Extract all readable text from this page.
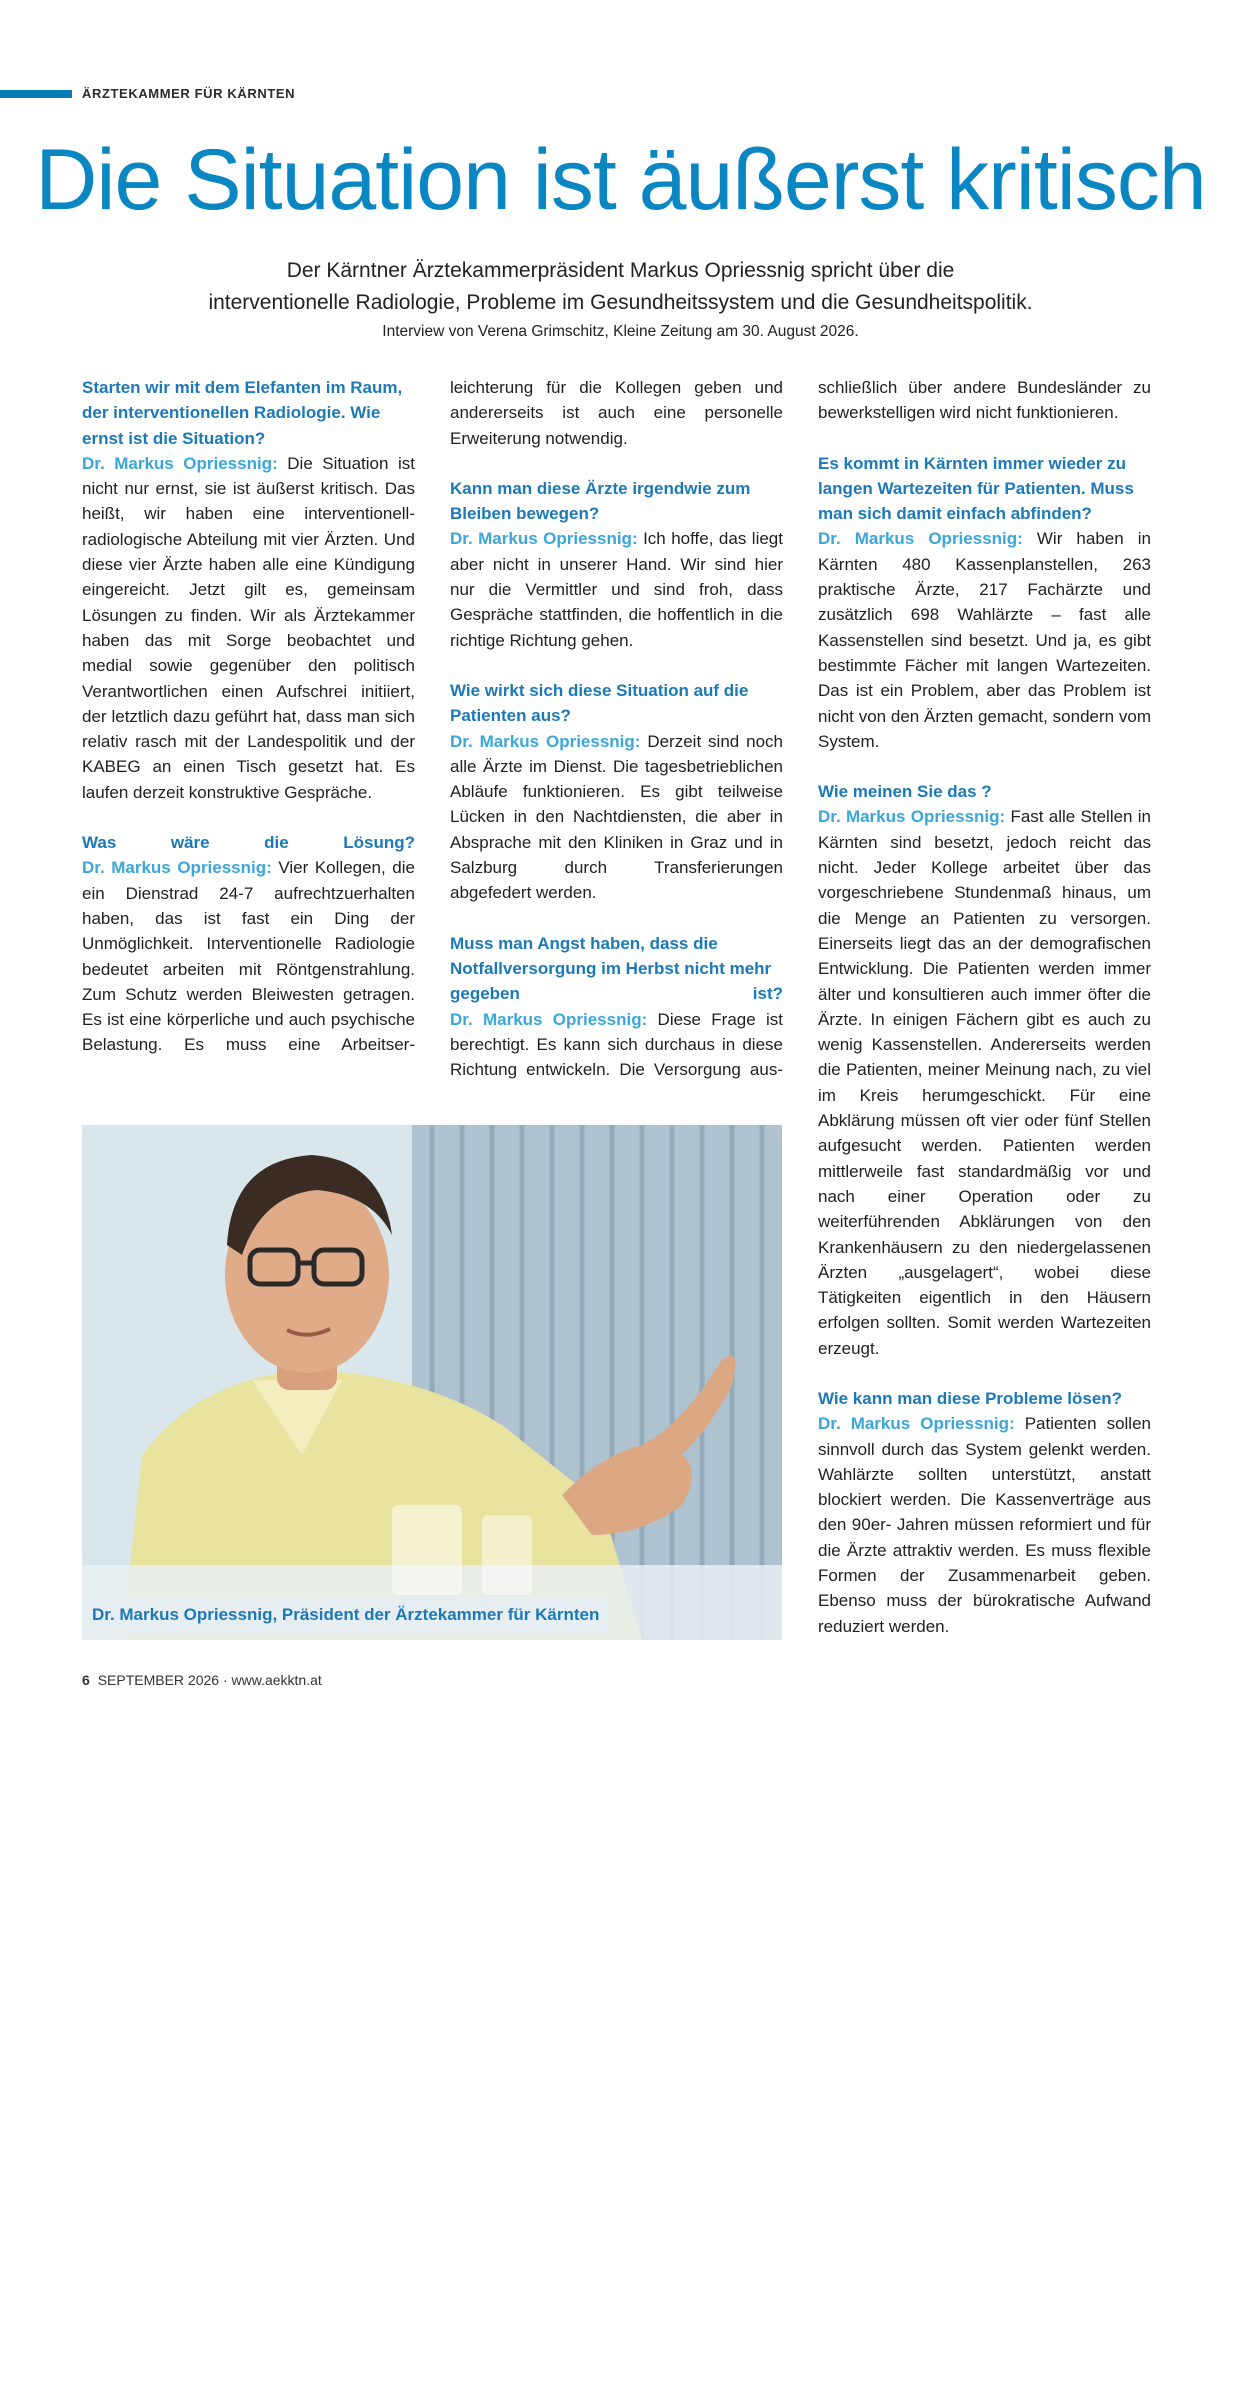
ÄRZTEKAMMER FÜR KÄRNTEN
Die Situation ist äußerst kritisch

Der Kärntner Ärztekammerpräsident Markus Opriessnig spricht über die

interventionelle Radiologie, Probleme im Gesundheitssystem und die Gesundheitspolitik.

Interview von Verena Grimschitz, Kleine Zeitung am 30. August 2026.

Starten wir mit dem Elefanten im Raum, der interventionellen Radiologie. Wie ernst ist die Situation?
Dr. Markus Opriessnig: Die Situation ist nicht nur ernst, sie ist äußerst kritisch. Das heißt, wir haben eine interventionell-radiologische Abteilung mit vier Ärzten. Und diese vier Ärzte haben alle eine Kündigung eingereicht. Jetzt gilt es, gemeinsam Lösungen zu finden. Wir als Ärztekammer haben das mit Sorge beobachtet und medial sowie gegenüber den politisch Verantwortlichen einen Aufschrei initiiert, der letztlich dazu geführt hat, dass man sich relativ rasch mit der Landespolitik und der KABEG an einen Tisch gesetzt hat. Es laufen derzeit konstruktive Gespräche.

Was wäre die Lösung?
Dr. Markus Opriessnig: Vier Kollegen, die ein Dienstrad 24-7 aufrechtzuerhalten haben, das ist fast ein Ding der Unmöglichkeit. Interventionelle Radiologie bedeutet arbeiten mit Röntgenstrahlung. Zum Schutz werden Bleiwesten getragen. Es ist eine körperliche und auch psychische Belastung. Es muss eine Arbeitser-

leichterung für die Kollegen geben und andererseits ist auch eine personelle Erweiterung notwendig.

Kann man diese Ärzte irgendwie zum Bleiben bewegen?
Dr. Markus Opriessnig: Ich hoffe, das liegt aber nicht in unserer Hand. Wir sind hier nur die Vermittler und sind froh, dass Gespräche stattfinden, die hoffentlich in die richtige Richtung gehen.

Wie wirkt sich diese Situation auf die Patienten aus?
Dr. Markus Opriessnig: Derzeit sind noch alle Ärzte im Dienst. Die tagesbetrieblichen Abläufe funktionieren. Es gibt teilweise Lücken in den Nachtdiensten, die aber in Absprache mit den Kliniken in Graz und in Salzburg durch Transferierungen abgefedert werden.

Muss man Angst haben, dass die Notfallversorgung im Herbst nicht mehr gegeben ist?
Dr. Markus Opriessnig: Diese Frage ist berechtigt. Es kann sich durchaus in diese Richtung entwickeln. Die Versorgung aus-

schließlich über andere Bundesländer zu bewerkstelligen wird nicht funktionieren.

Es kommt in Kärnten immer wieder zu langen Wartezeiten für Patienten. Muss man sich damit einfach abfinden?
Dr. Markus Opriessnig: Wir haben in Kärnten 480 Kassenplanstellen, 263 praktische Ärzte, 217 Fachärzte und zusätzlich 698 Wahlärzte – fast alle Kassenstellen sind besetzt. Und ja, es gibt bestimmte Fächer mit langen Wartezeiten. Das ist ein Problem, aber das Problem ist nicht von den Ärzten gemacht, sondern vom System.

Wie meinen Sie das ?
Dr. Markus Opriessnig: Fast alle Stellen in Kärnten sind besetzt, jedoch reicht das nicht. Jeder Kollege arbeitet über das vorgeschriebene Stundenmaß hinaus, um die Menge an Patienten zu versorgen. Einerseits liegt das an der demografischen Entwicklung. Die Patienten werden immer älter und konsultieren auch immer öfter die Ärzte. In einigen Fächern gibt es auch zu wenig Kassenstellen. Andererseits werden die Patienten, meiner Meinung nach, zu viel im Kreis herumgeschickt. Für eine Abklärung müssen oft vier oder fünf Stellen aufgesucht werden. Patienten werden mittlerweile fast standardmäßig vor und nach einer Operation oder zu weiterführenden Abklärungen von den Krankenhäusern zu den niedergelassenen Ärzten „ausgelagert“, wobei diese Tätigkeiten eigentlich in den Häusern erfolgen sollten. Somit werden Wartezeiten erzeugt.

Wie kann man diese Probleme lösen?
Dr. Markus Opriessnig: Patienten sollen sinnvoll durch das System gelenkt werden. Wahlärzte sollten unterstützt, anstatt blockiert werden. Die Kassenverträge aus den 90er- Jahren müssen reformiert und für die Ärzte attraktiv werden. Es muss flexible Formen der Zusammenarbeit geben. Ebenso muss der bürokratische Aufwand reduziert werden.

Foto: © Gert Köstinger
Dr. Markus Opriessnig, Präsident der Ärztekammer für Kärnten
6 SEPTEMBER 2026 · www.aekktn.at
